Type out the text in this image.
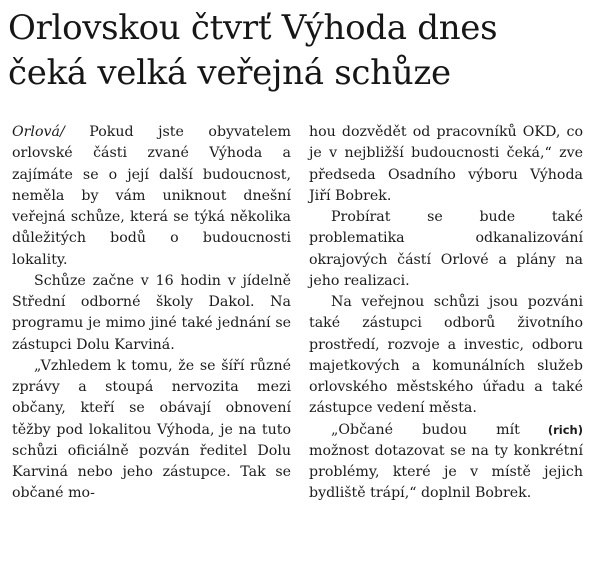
Orlovskou čtvrť Výhoda dnes čeká velká veřejná schůze

Orlová/ Pokud jste obyvatelem orlovské části zvané Výhoda a zajímáte se o její další budoucnost, neměla by vám uniknout dnešní veřejná schůze, která se týká několika důležitých bodů o budoucnosti lokality.

Schůze začne v 16 hodin v jídelně Střední odborné školy Dakol. Na programu je mimo jiné také jednání se zástupci Dolu Karviná.

„Vzhledem k tomu, že se šíří různé zprávy a stoupá nervozita mezi občany, kteří se obávají obnovení těžby pod lokalitou Výhoda, je na tuto schůzi oficiálně pozván ředitel Dolu Karviná nebo jeho zástupce. Tak se občané mo‑

hou dozvědět od pracovníků OKD, co je v nejbližší budoucnosti čeká,“ zve předseda Osadního výboru Výhoda Jiří Bobrek.

Probírat se bude také problematika odkanalizování okrajových částí Orlové a plány na jeho realizaci.

Na veřejnou schůzi jsou pozváni také zástupci odborů životního prostředí, rozvoje a investic, odboru majetkových a komunálních služeb orlovského městského úřadu a také zástupce vedení města.

(rich)
„Občané budou mít možnost dotazovat se na ty konkrétní problémy, které je v místě jejich bydliště trápí,“ doplnil Bobrek.
